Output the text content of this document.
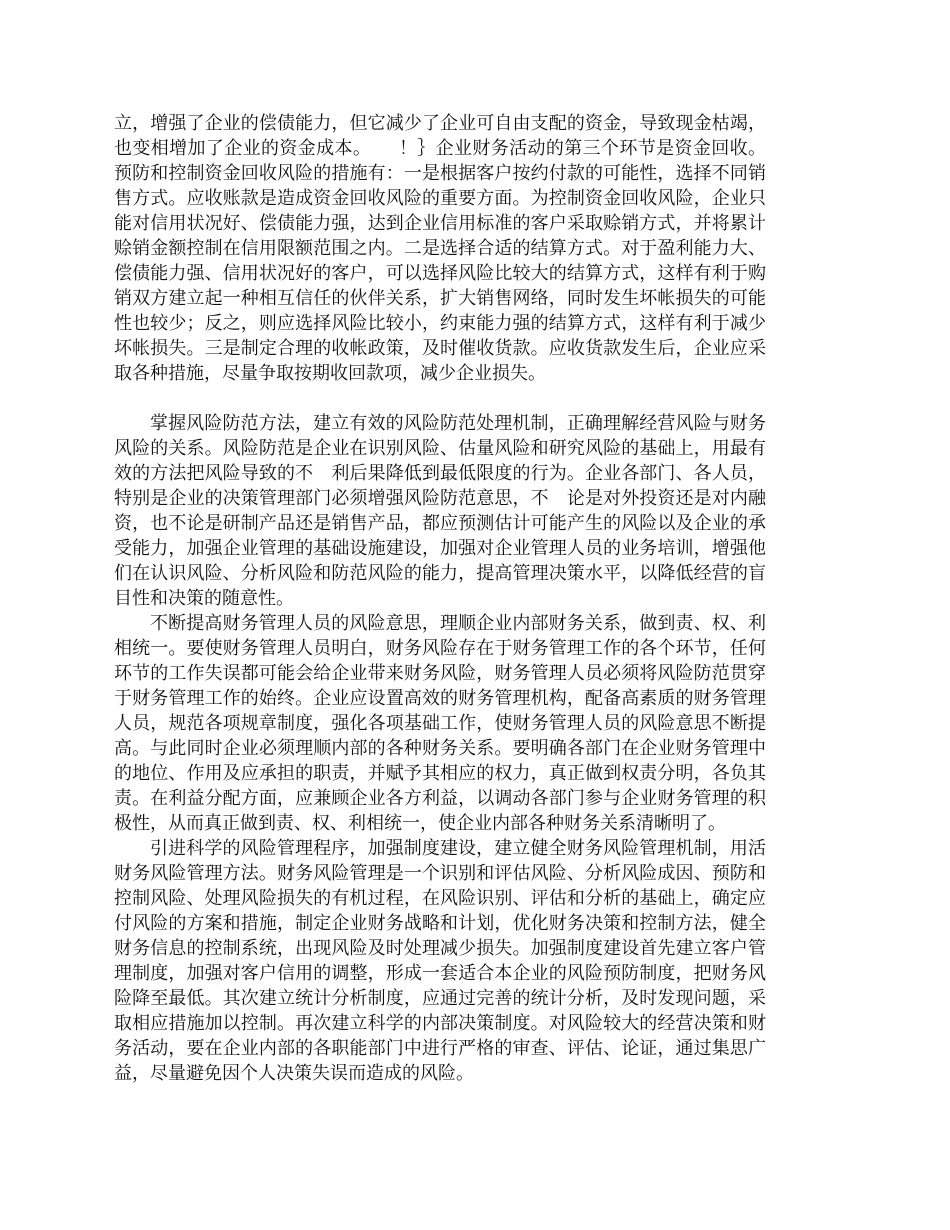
立，增强了企业的偿债能力，但它减少了企业可自由支配的资金，导致现金枯竭，也变相增加了企业的资金成本。　　！｝企业财务活动的第三个环节是资金回收。预防和控制资金回收风险的措施有：一是根据客户按约付款的可能性，选择不同销售方式。应收账款是造成资金回收风险的重要方面。为控制资金回收风险，企业只能对信用状况好、偿债能力强，达到企业信用标准的客户采取赊销方式，并将累计赊销金额控制在信用限额范围之内。二是选择合适的结算方式。对于盈利能力大、偿债能力强、信用状况好的客户，可以选择风险比较大的结算方式，这样有利于购销双方建立起一种相互信任的伙伴关系，扩大销售网络，同时发生坏帐损失的可能性也较少；反之，则应选择风险比较小，约束能力强的结算方式，这样有利于减少坏帐损失。三是制定合理的收帐政策，及时催收货款。应收货款发生后，企业应采取各种措施，尽量争取按期收回款项，减少企业损失。

掌握风险防范方法，建立有效的风险防范处理机制，正确理解经营风险与财务风险的关系。风险防范是企业在识别风险、估量风险和研究风险的基础上，用最有效的方法把风险导致的不　利后果降低到最低限度的行为。企业各部门、各人员，特别是企业的决策管理部门必须增强风险防范意思，不　论是对外投资还是对内融资，也不论是研制产品还是销售产品，都应预测估计可能产生的风险以及企业的承受能力，加强企业管理的基础设施建设，加强对企业管理人员的业务培训，增强他们在认识风险、分析风险和防范风险的能力，提高管理决策水平，以降低经营的盲目性和决策的随意性。

不断提高财务管理人员的风险意思，理顺企业内部财务关系，做到责、权、利相统一。要使财务管理人员明白，财务风险存在于财务管理工作的各个环节，任何环节的工作失误都可能会给企业带来财务风险，财务管理人员必须将风险防范贯穿于财务管理工作的始终。企业应设置高效的财务管理机构，配备高素质的财务管理人员，规范各项规章制度，强化各项基础工作，使财务管理人员的风险意思不断提高。与此同时企业必须理顺内部的各种财务关系。要明确各部门在企业财务管理中的地位、作用及应承担的职责，并赋予其相应的权力，真正做到权责分明，各负其责。在利益分配方面，应兼顾企业各方利益，以调动各部门参与企业财务管理的积极性，从而真正做到责、权、利相统一，使企业内部各种财务关系清晰明了。

引进科学的风险管理程序，加强制度建设，建立健全财务风险管理机制，用活财务风险管理方法。财务风险管理是一个识别和评估风险、分析风险成因、预防和控制风险、处理风险损失的有机过程，在风险识别、评估和分析的基础上，确定应付风险的方案和措施，制定企业财务战略和计划，优化财务决策和控制方法，健全财务信息的控制系统，出现风险及时处理减少损失。加强制度建设首先建立客户管理制度，加强对客户信用的调整，形成一套适合本企业的风险预防制度，把财务风险降至最低。其次建立统计分析制度，应通过完善的统计分析，及时发现问题，采取相应措施加以控制。再次建立科学的内部决策制度。对风险较大的经营决策和财务活动，要在企业内部的各职能部门中进行严格的审查、评估、论证，通过集思广益，尽量避免因个人决策失误而造成的风险。
